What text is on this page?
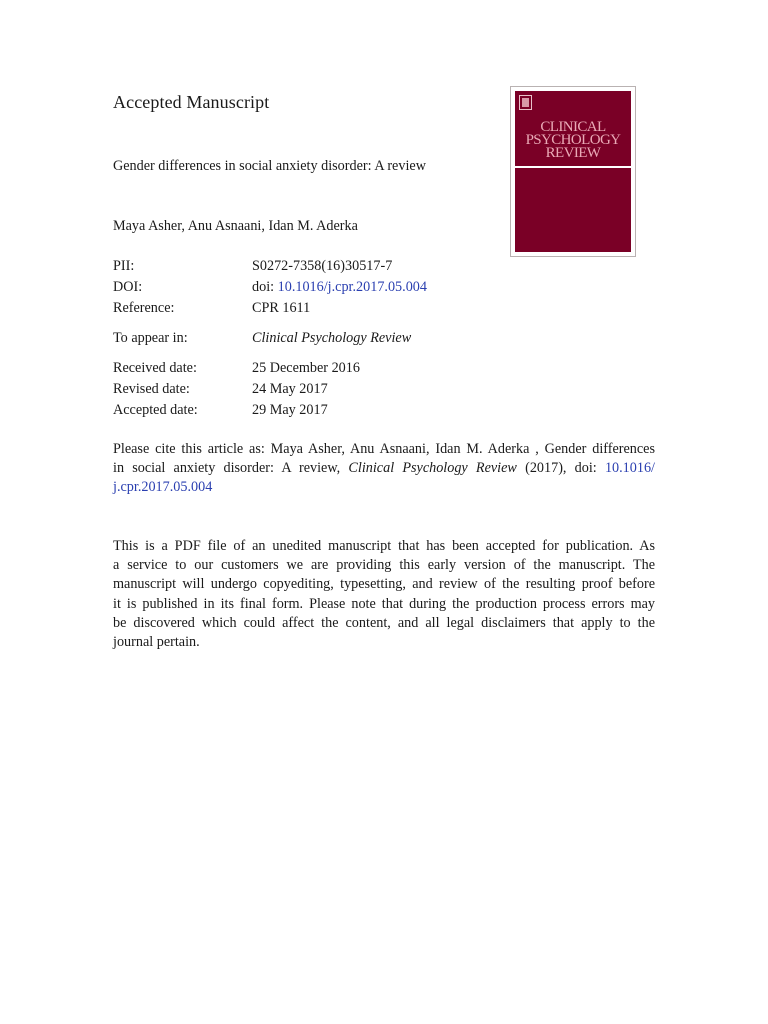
Accepted Manuscript
Gender differences in social anxiety disorder: A review
Maya Asher, Anu Asnaani, Idan M. Aderka
PII:	S0272-7358(16)30517-7
DOI:	doi: 10.1016/j.cpr.2017.05.004
Reference:	CPR 1611
To appear in:	Clinical Psychology Review
Received date:	25 December 2016
Revised date:	24 May 2017
Accepted date:	29 May 2017
Please cite this article as: Maya Asher, Anu Asnaani, Idan M. Aderka , Gender differences
in social anxiety disorder: A review, Clinical Psychology Review (2017), doi: 10.1016/
j.cpr.2017.05.004
This is a PDF file of an unedited manuscript that has been accepted for publication. As
a service to our customers we are providing this early version of the manuscript. The
manuscript will undergo copyediting, typesetting, and review of the resulting proof before
it is published in its final form. Please note that during the production process errors may
be discovered which could affect the content, and all legal disclaimers that apply to the
journal pertain.
CLINICAL
PSYCHOLOGY
REVIEW
